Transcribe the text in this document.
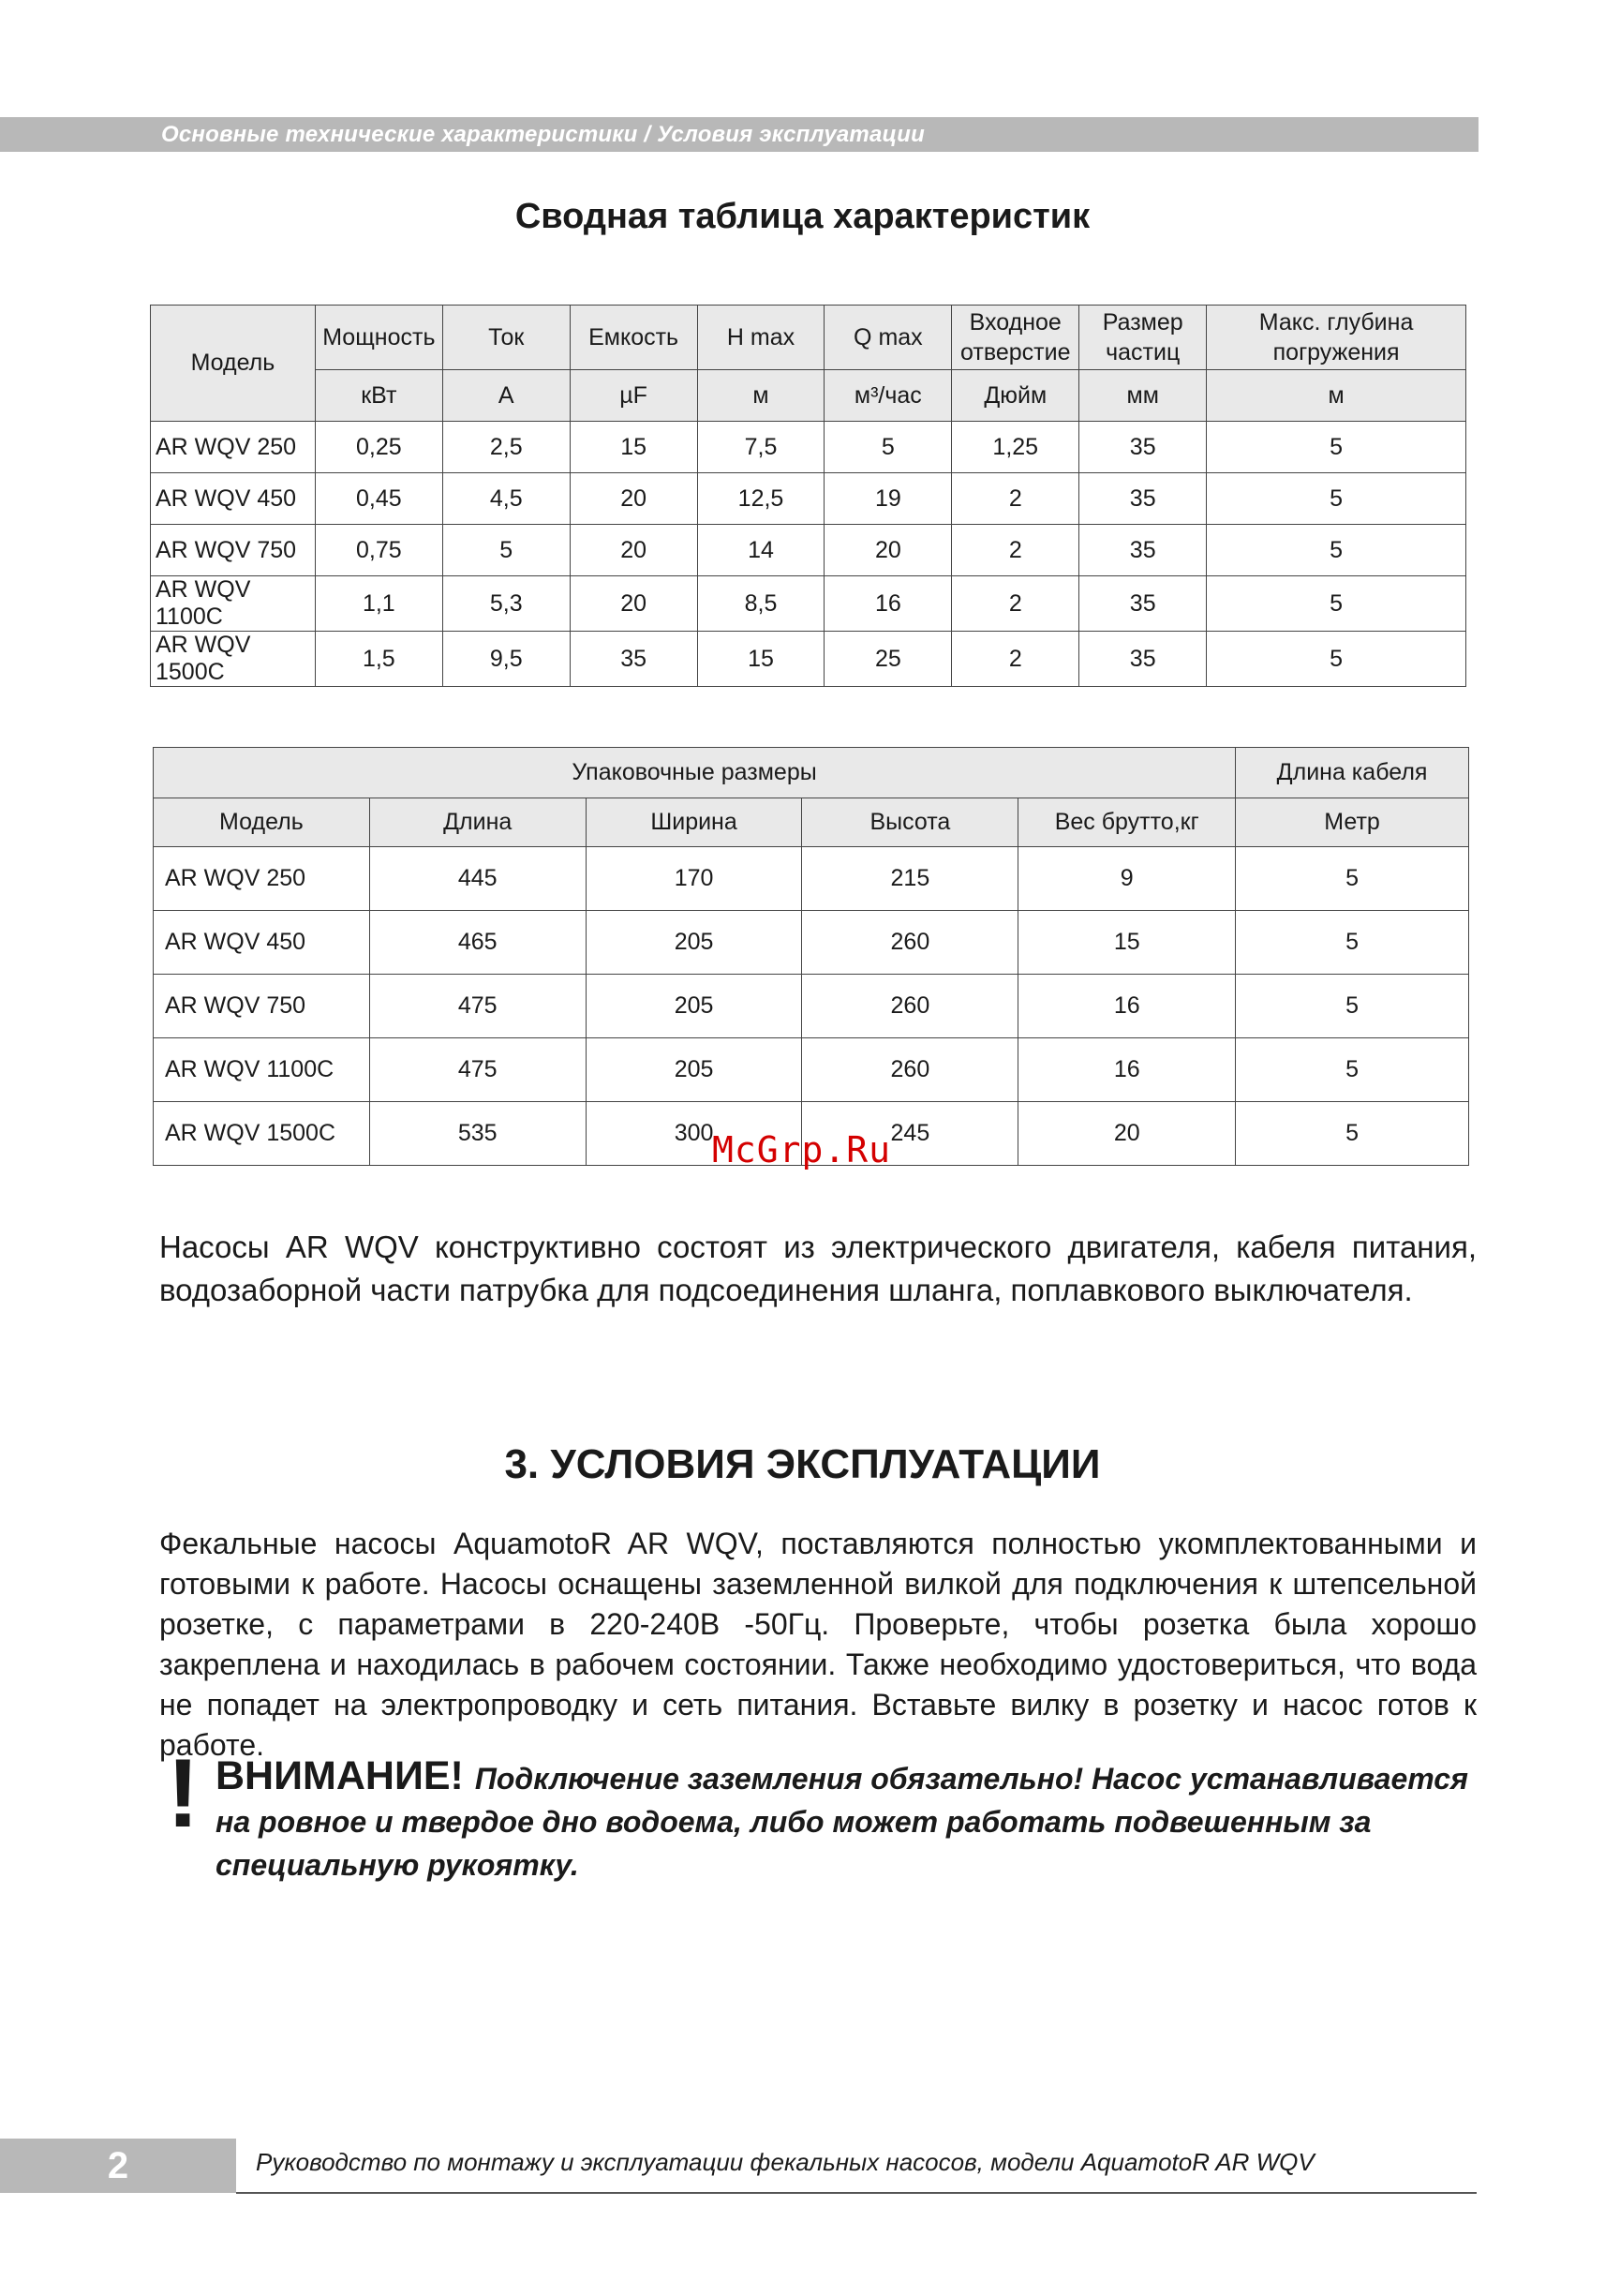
Основные технические характеристики / Условия эксплуатации
Сводная таблица характеристик
Модель	Мощность	Ток	Емкость	H max	Q max	Входное отверстие	Размер частиц	Макс. глубина погружения
	кВт	А	µF	м	м³/час	Дюйм	мм	м
AR WQV 250	0,25	2,5	15	7,5	5	1,25	35	5
AR WQV 450	0,45	4,5	20	12,5	19	2	35	5
AR WQV 750	0,75	5	20	14	20	2	35	5
AR WQV 1100C	1,1	5,3	20	8,5	16	2	35	5
AR WQV 1500C	1,5	9,5	35	15	25	2	35	5
Упаковочные размеры					Длина кабеля
Модель	Длина	Ширина	Высота	Вес брутто,кг	Метр
AR WQV 250	445	170	215	9	5
AR WQV 450	465	205	260	15	5
AR WQV 750	475	205	260	16	5
AR WQV 1100C	475	205	260	16	5
AR WQV 1500C	535	300	245	20	5
McGrp.Ru

Насосы AR WQV конструктивно состоят из электрического двигателя, кабеля питания, водозаборной части патрубка для подсоединения шланга, поплавкового выключателя.

3. УСЛОВИЯ ЭКСПЛУАТАЦИИ

Фекальные насосы AquamotoR AR WQV, поставляются полностью укомплектованными и готовыми к работе. Насосы оснащены заземленной вилкой для подключения к штепсельной розетке, с параметрами в 220-240В -50Гц. Проверьте, чтобы розетка была хорошо закреплена и находилась в рабочем состоянии. Также необходимо удостовериться, что вода не попадет на электропроводку и сеть питания. Вставьте вилку в розетку и насос готов к работе.

! ВНИМАНИЕ! Подключение заземления обязательно! Насос устанавливается на ровное и твердое дно водоема, либо может работать подвешенным за специальную рукоятку.

2	Руководство по монтажу и эксплуатации фекальных насосов, модели AquamotoR AR WQV
